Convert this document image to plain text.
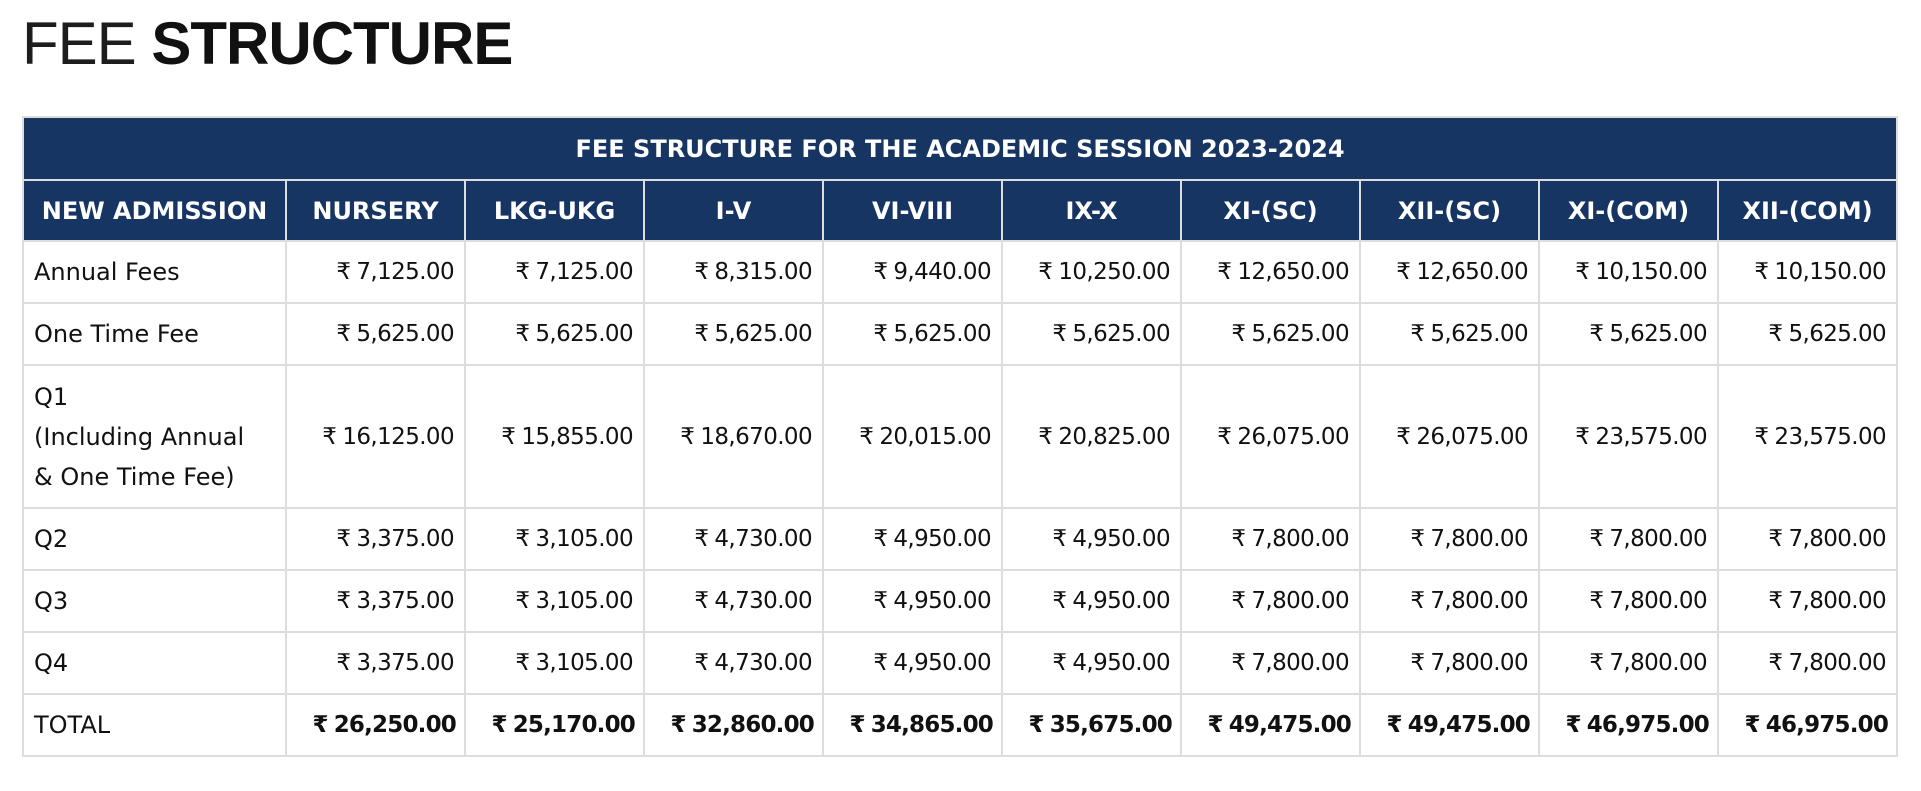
FEE STRUCTURE
FEE STRUCTURE FOR THE ACADEMIC SESSION 2023-2024									
NEW ADMISSION	NURSERY	LKG-UKG	I-V	VI-VIII	IX-X	XI-(SC)	XII-(SC)	XI-(COM)	XII-(COM)
Annual Fees	₹ 7,125.00	₹ 7,125.00	₹ 8,315.00	₹ 9,440.00	₹ 10,250.00	₹ 12,650.00	₹ 12,650.00	₹ 10,150.00	₹ 10,150.00
One Time Fee	₹ 5,625.00	₹ 5,625.00	₹ 5,625.00	₹ 5,625.00	₹ 5,625.00	₹ 5,625.00	₹ 5,625.00	₹ 5,625.00	₹ 5,625.00
Q1
(Including Annual
& One Time Fee)	₹ 16,125.00	₹ 15,855.00	₹ 18,670.00	₹ 20,015.00	₹ 20,825.00	₹ 26,075.00	₹ 26,075.00	₹ 23,575.00	₹ 23,575.00
Q2	₹ 3,375.00	₹ 3,105.00	₹ 4,730.00	₹ 4,950.00	₹ 4,950.00	₹ 7,800.00	₹ 7,800.00	₹ 7,800.00	₹ 7,800.00
Q3	₹ 3,375.00	₹ 3,105.00	₹ 4,730.00	₹ 4,950.00	₹ 4,950.00	₹ 7,800.00	₹ 7,800.00	₹ 7,800.00	₹ 7,800.00
Q4	₹ 3,375.00	₹ 3,105.00	₹ 4,730.00	₹ 4,950.00	₹ 4,950.00	₹ 7,800.00	₹ 7,800.00	₹ 7,800.00	₹ 7,800.00
TOTAL	₹ 26,250.00	₹ 25,170.00	₹ 32,860.00	₹ 34,865.00	₹ 35,675.00	₹ 49,475.00	₹ 49,475.00	₹ 46,975.00	₹ 46,975.00
